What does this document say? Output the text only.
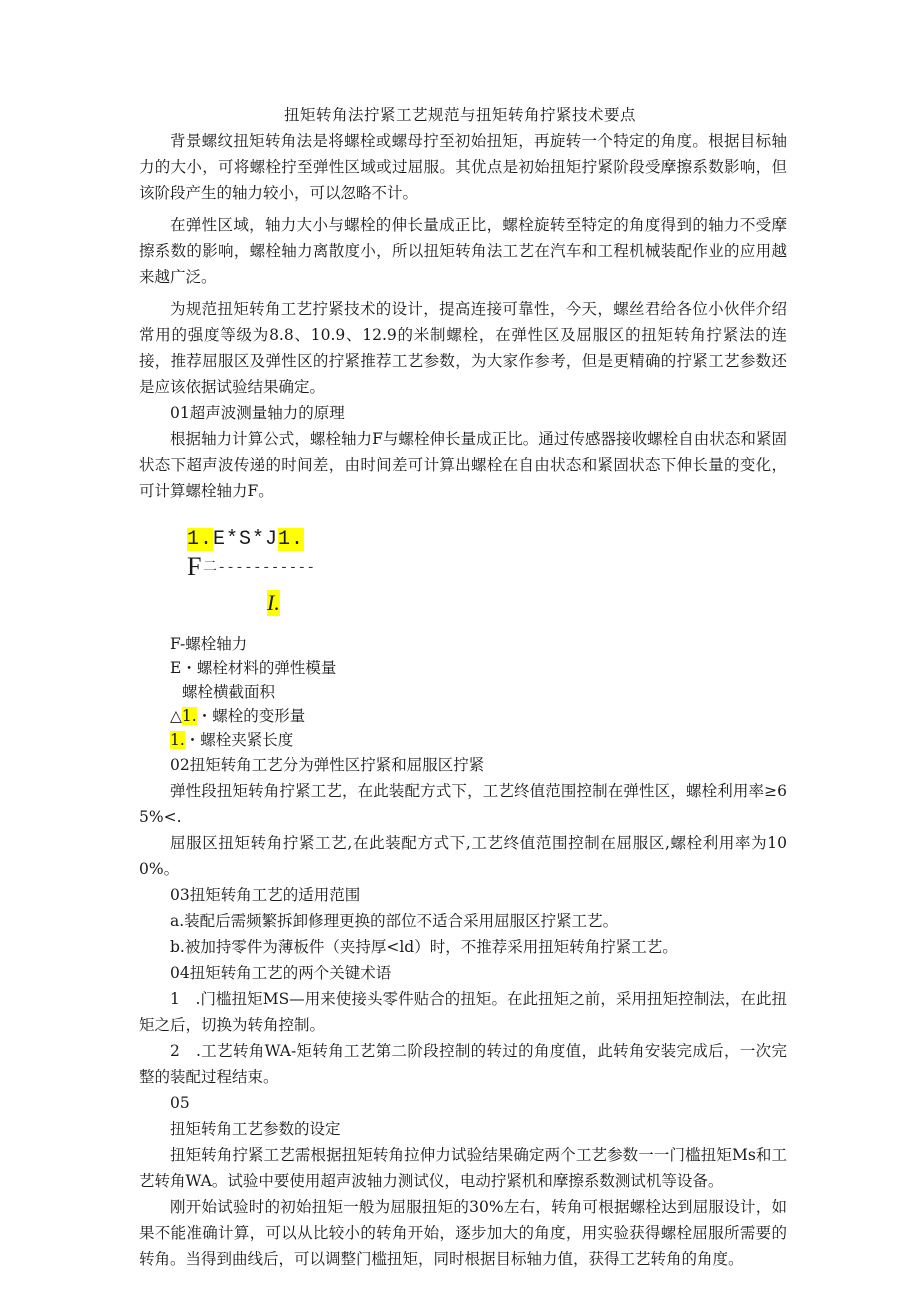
扭矩转角法拧紧工艺规范与扭矩转角拧紧技术要点

背景螺纹扭矩转角法是将螺栓或螺母拧至初始扭矩，再旋转一个特定的角度。根据目标轴力的大小，可将螺栓拧至弹性区域或过屈服。其优点是初始扭矩拧紧阶段受摩擦系数影响，但该阶段产生的轴力较小，可以忽略不计。

在弹性区域，轴力大小与螺栓的伸长量成正比，螺栓旋转至特定的角度得到的轴力不受摩擦系数的影响，螺栓轴力离散度小，所以扭矩转角法工艺在汽车和工程机械装配作业的应用越来越广泛。

为规范扭矩转角工艺拧紧技术的设计，提高连接可靠性，今天，螺丝君给各位小伙伴介绍常用的强度等级为8.8、10.9、12.9的米制螺栓，在弹性区及屈服区的扭矩转角拧紧法的连接，推荐屈服区及弹性区的拧紧推荐工艺参数，为大家作参考，但是更精确的拧紧工艺参数还是应该依据试验结果确定。

01超声波测量轴力的原理

根据轴力计算公式，螺栓轴力F与螺栓伸长量成正比。通过传感器接收螺栓自由状态和紧固状态下超声波传递的时间差，由时间差可计算出螺栓在自由状态和紧固状态下伸长量的变化，可计算螺栓轴力F。

1.E*S*J1.
F 二-----------
I.

F-螺栓轴力

E・螺栓材料的弹性模量

螺栓横截面积

△1.・螺栓的变形量

1.・螺栓夹紧长度

02扭矩转角工艺分为弹性区拧紧和屈服区拧紧

弹性段扭矩转角拧紧工艺，在此装配方式下，工艺终值范围控制在弹性区，螺栓利用率≥65%<.

屈服区扭矩转角拧紧工艺,在此装配方式下,工艺终值范围控制在屈服区,螺栓利用率为100%。

03扭矩转角工艺的适用范围

a.装配后需频繁拆卸修理更换的部位不适合采用屈服区拧紧工艺。

b.被加持零件为薄板件（夹持厚<ld）时，不推荐采用扭矩转角拧紧工艺。

04扭矩转角工艺的两个关键术语

1　.门槛扭矩MS—用来使接头零件贴合的扭矩。在此扭矩之前，采用扭矩控制法，在此扭矩之后，切换为转角控制。

2　.工艺转角WA-矩转角工艺第二阶段控制的转过的角度值，此转角安装完成后，一次完整的装配过程结束。

05

扭矩转角工艺参数的设定

扭矩转角拧紧工艺需根据扭矩转角拉伸力试验结果确定两个工艺参数一一门槛扭矩Ms和工艺转角WA。试验中要使用超声波轴力测试仪，电动拧紧机和摩擦系数测试机等设备。

刚开始试验时的初始扭矩一般为屈服扭矩的30%左右，转角可根据螺栓达到屈服设计，如果不能准确计算，可以从比较小的转角开始，逐步加大的角度，用实验获得螺栓屈服所需要的转角。当得到曲线后，可以调整门槛扭矩，同时根据目标轴力值，获得工艺转角的角度。
